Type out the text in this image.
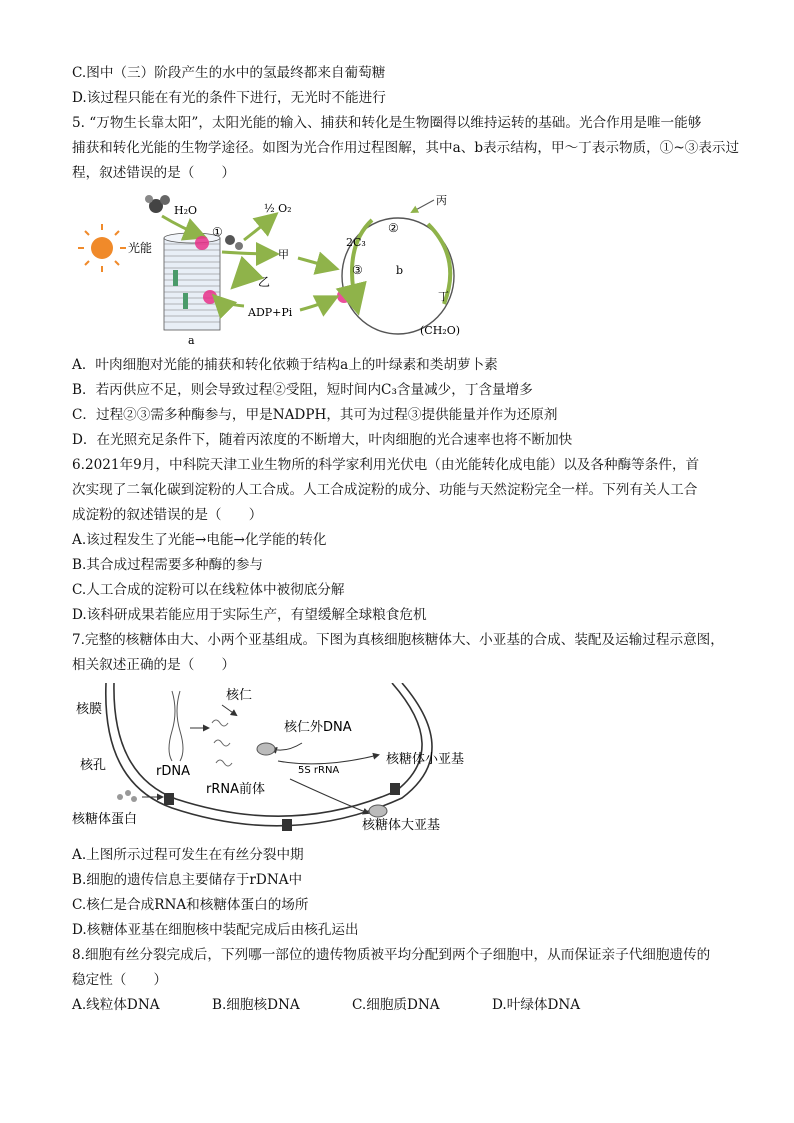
C.图中（三）阶段产生的水中的氢最终都来自葡萄糖
D.该过程只能在有光的条件下进行，无光时不能进行
5. “万物生长靠太阳”，太阳光能的输入、捕获和转化是生物圈得以维持运转的基础。光合作用是唯一能够
捕获和转化光能的生物学途径。如图为光合作用过程图解，其中a、b表示结构，甲～丁表示物质，①~③表示过
程，叙述错误的是（　　）
光能
a
H₂O
①
½ O₂
甲
乙
ADP+Pi
丙
2C₃
②
③	b
丁
(CH₂O)
A．叶肉细胞对光能的捕获和转化依赖于结构a上的叶绿素和类胡萝卜素
B．若丙供应不足，则会导致过程②受阻，短时间内C₃含量减少，丁含量增多
C．过程②③需多种酶参与，甲是NADPH，其可为过程③提供能量并作为还原剂
D．在光照充足条件下，随着丙浓度的不断增大，叶肉细胞的光合速率也将不断加快
6.2021年9月，中科院天津工业生物所的科学家利用光伏电（由光能转化成电能）以及各种酶等条件，首
次实现了二氧化碳到淀粉的人工合成。人工合成淀粉的成分、功能与天然淀粉完全一样。下列有关人工合
成淀粉的叙述错误的是（　　）
A.该过程发生了光能→电能→化学能的转化
B.其合成过程需要多种酶的参与
C.人工合成的淀粉可以在线粒体中被彻底分解
D.该科研成果若能应用于实际生产，有望缓解全球粮食危机
7.完整的核糖体由大、小两个亚基组成。下图为真核细胞核糖体大、小亚基的合成、装配及运输过程示意图，
相关叙述正确的是（　　）
核膜
核仁
核仁外DNA
核孔	rDNA	5S rRNA
核糖体小亚基
rRNA前体
核糖体蛋白	核糖体大亚基
A.上图所示过程可发生在有丝分裂中期
B.细胞的遗传信息主要储存于rDNA中
C.核仁是合成RNA和核糖体蛋白的场所
D.核糖体亚基在细胞核中装配完成后由核孔运出
8.细胞有丝分裂完成后，下列哪一部位的遗传物质被平均分配到两个子细胞中，从而保证亲子代细胞遗传的
稳定性（　　）
A.线粒体DNA	B.细胞核DNA	C.细胞质DNA	D.叶绿体DNA
